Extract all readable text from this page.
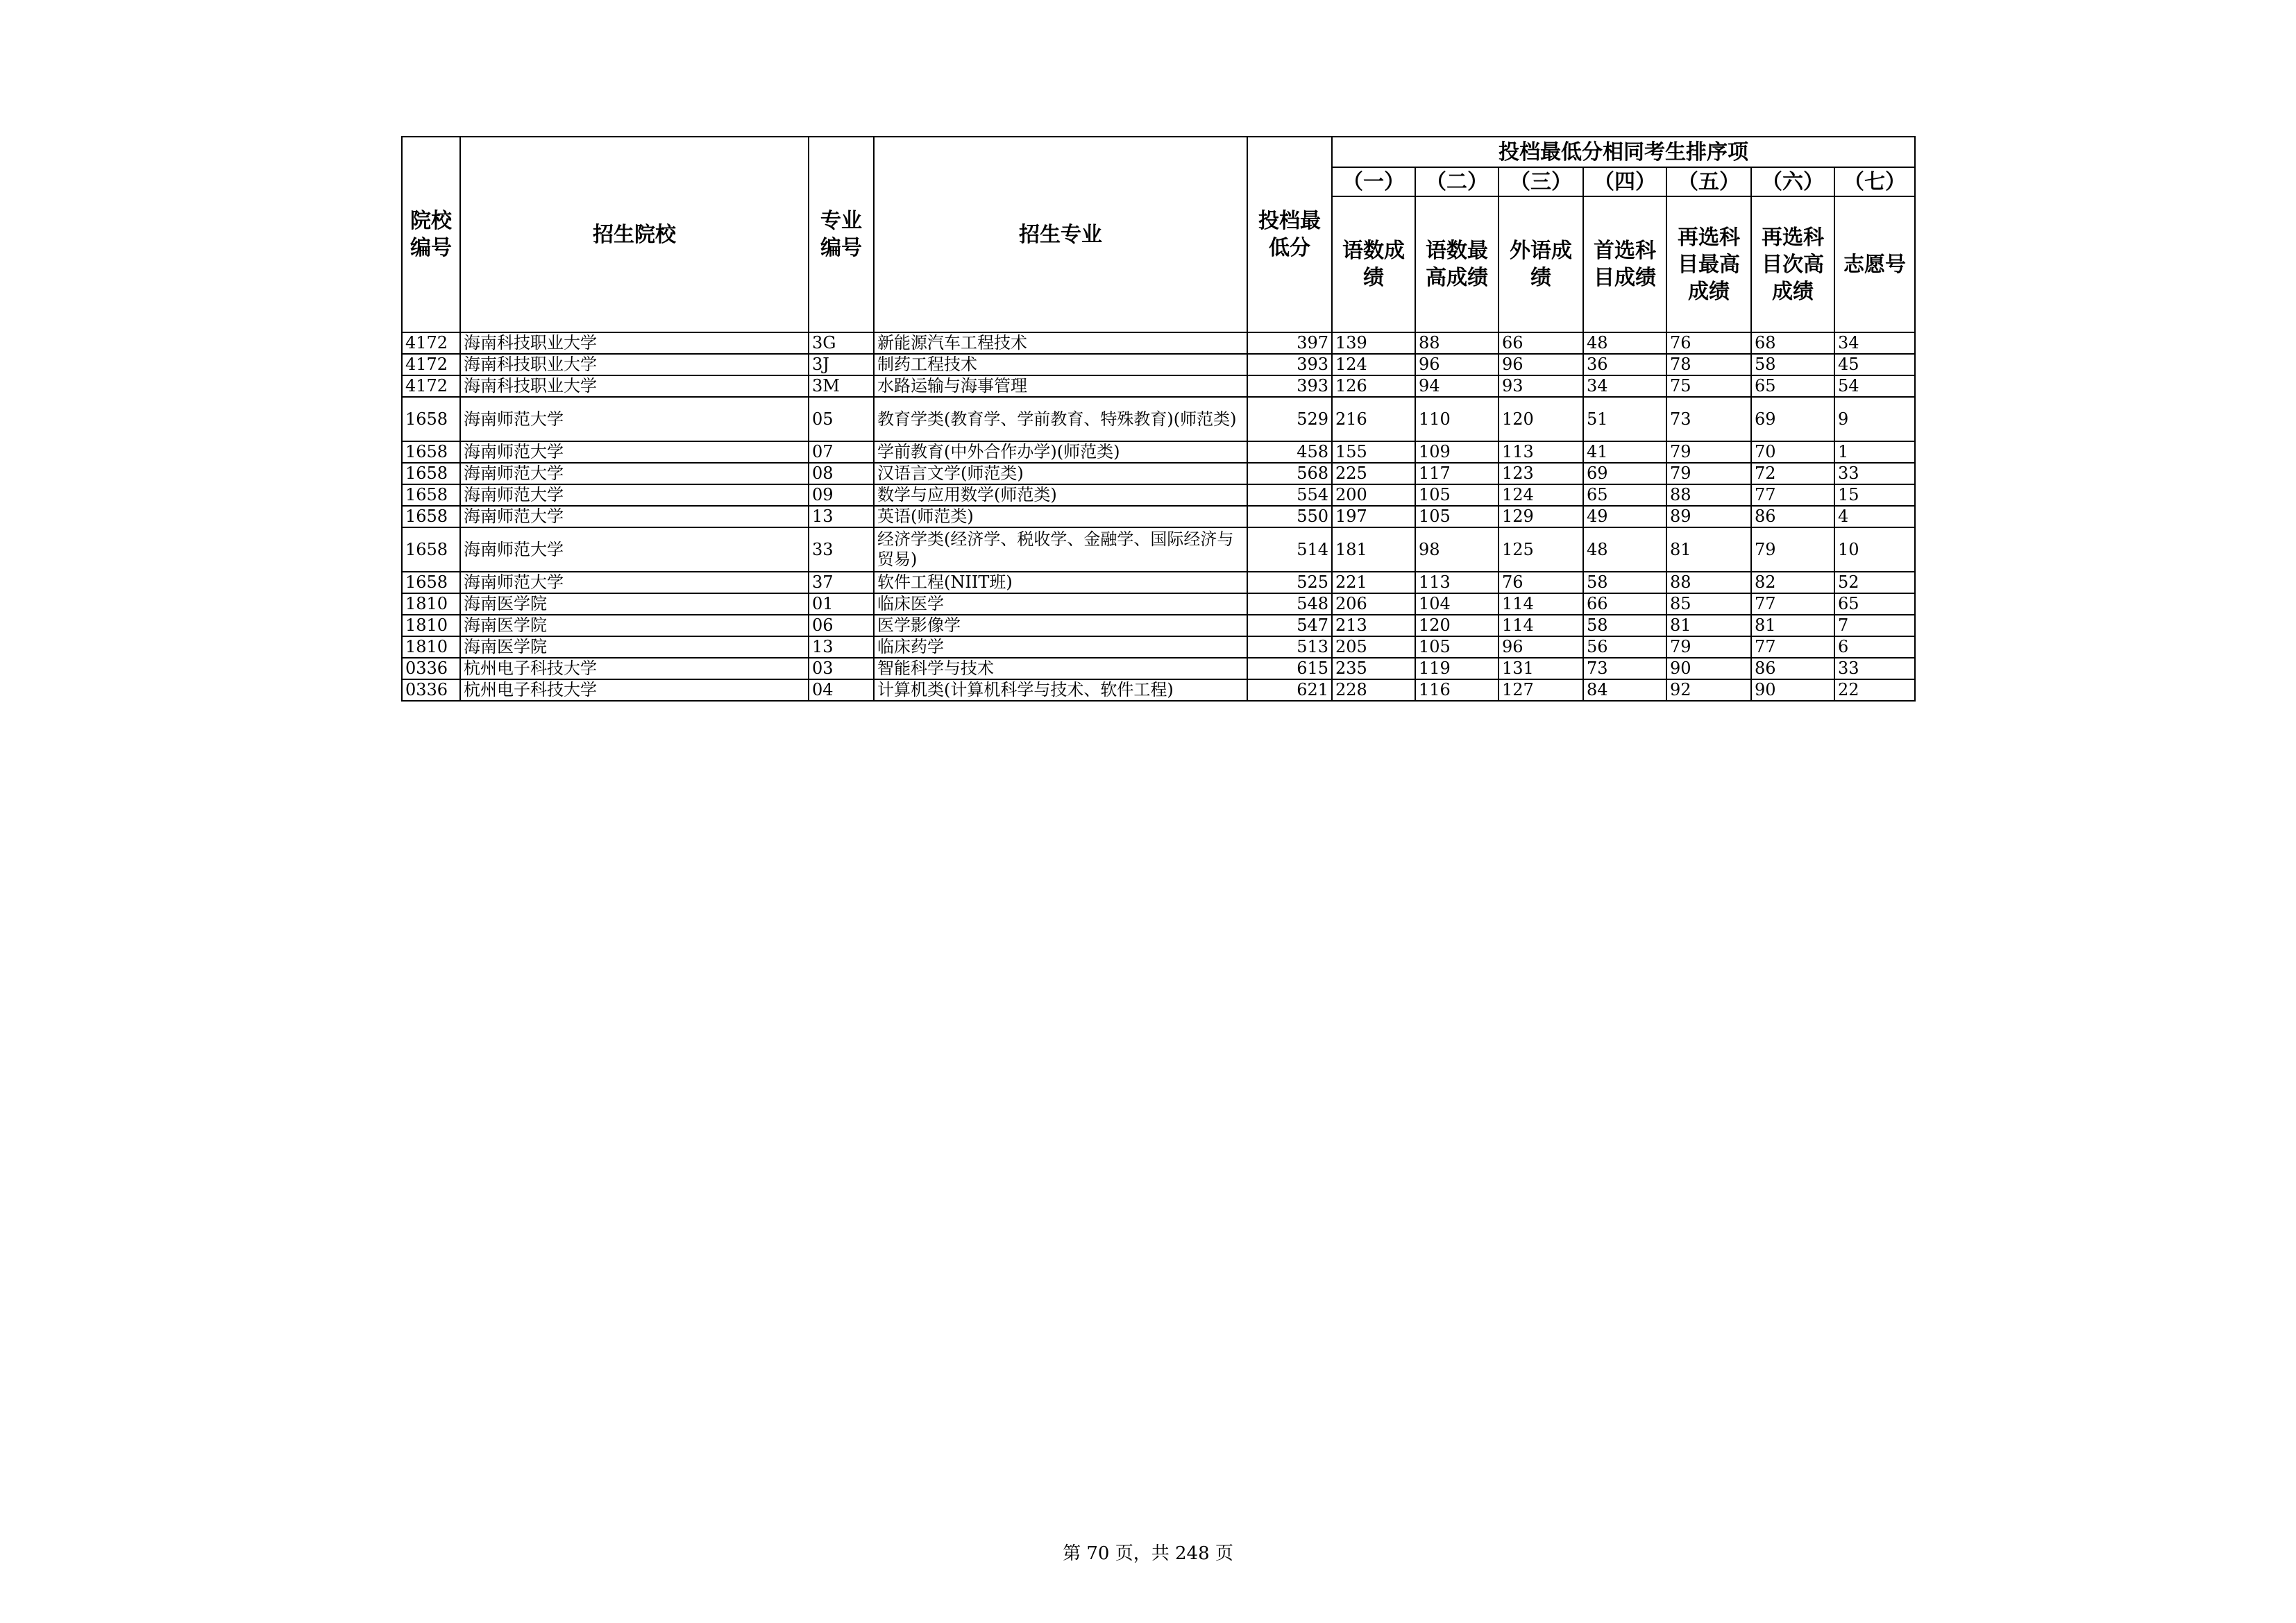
院校编号	招生院校	专业编号	招生专业	投档最低分	投档最低分相同考生排序项						
					（一）	（二）	（三）	（四）	（五）	（六）	（七）
					语数成绩	语数最高成绩	外语成绩	首选科目成绩	再选科目最高成绩	再选科目次高成绩	志愿号
4172	海南科技职业大学	3G	新能源汽车工程技术	397	139	88	66	48	76	68	34
4172	海南科技职业大学	3J	制药工程技术	393	124	96	96	36	78	58	45
4172	海南科技职业大学	3M	水路运输与海事管理	393	126	94	93	34	75	65	54
1658	海南师范大学	05	教育学类(教育学、学前教育、特殊教育)(师范类)	529	216	110	120	51	73	69	9
1658	海南师范大学	07	学前教育(中外合作办学)(师范类)	458	155	109	113	41	79	70	1
1658	海南师范大学	08	汉语言文学(师范类)	568	225	117	123	69	79	72	33
1658	海南师范大学	09	数学与应用数学(师范类)	554	200	105	124	65	88	77	15
1658	海南师范大学	13	英语(师范类)	550	197	105	129	49	89	86	4
1658	海南师范大学	33	经济学类(经济学、税收学、金融学、国际经济与贸易)	514	181	98	125	48	81	79	10
1658	海南师范大学	37	软件工程(NIIT班)	525	221	113	76	58	88	82	52
1810	海南医学院	01	临床医学	548	206	104	114	66	85	77	65
1810	海南医学院	06	医学影像学	547	213	120	114	58	81	81	7
1810	海南医学院	13	临床药学	513	205	105	96	56	79	77	6
0336	杭州电子科技大学	03	智能科学与技术	615	235	119	131	73	90	86	33
0336	杭州电子科技大学	04	计算机类(计算机科学与技术、软件工程)	621	228	116	127	84	92	90	22
第 70 页，共 248 页
